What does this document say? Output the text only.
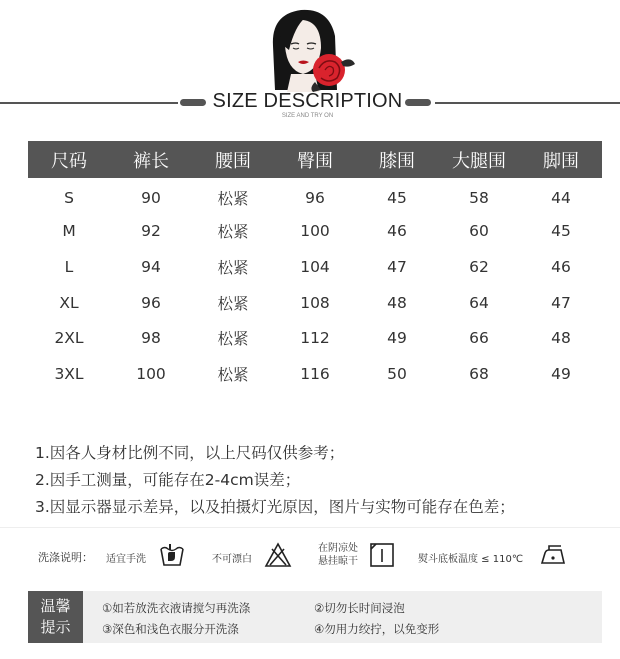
SIZE DESCRIPTION
SIZE AND TRY ON
尺码	裤长	腰围	臀围	膝围	大腿围	脚围
S	90	松紧	96	45	58	44
M	92	松紧	100	46	60	45
L	94	松紧	104	47	62	46
XL	96	松紧	108	48	64	47
2XL	98	松紧	112	49	66	48
3XL	100	松紧	116	50	68	49
1.因各人身材比例不同，以上尺码仅供参考；
2.因手工测量，可能存在2-4cm误差；
3.因显示器显示差异，以及拍摄灯光原因，图片与实物可能存在色差；
洗涤说明： 适宜手洗	不可漂白
在阴凉处
悬挂晾干	熨斗底板温度 ≤ 110℃
温馨
提示
①如若放洗衣液请搅匀再洗涤	②切勿长时间浸泡
③深色和浅色衣服分开洗涤	④勿用力绞拧，以免变形
